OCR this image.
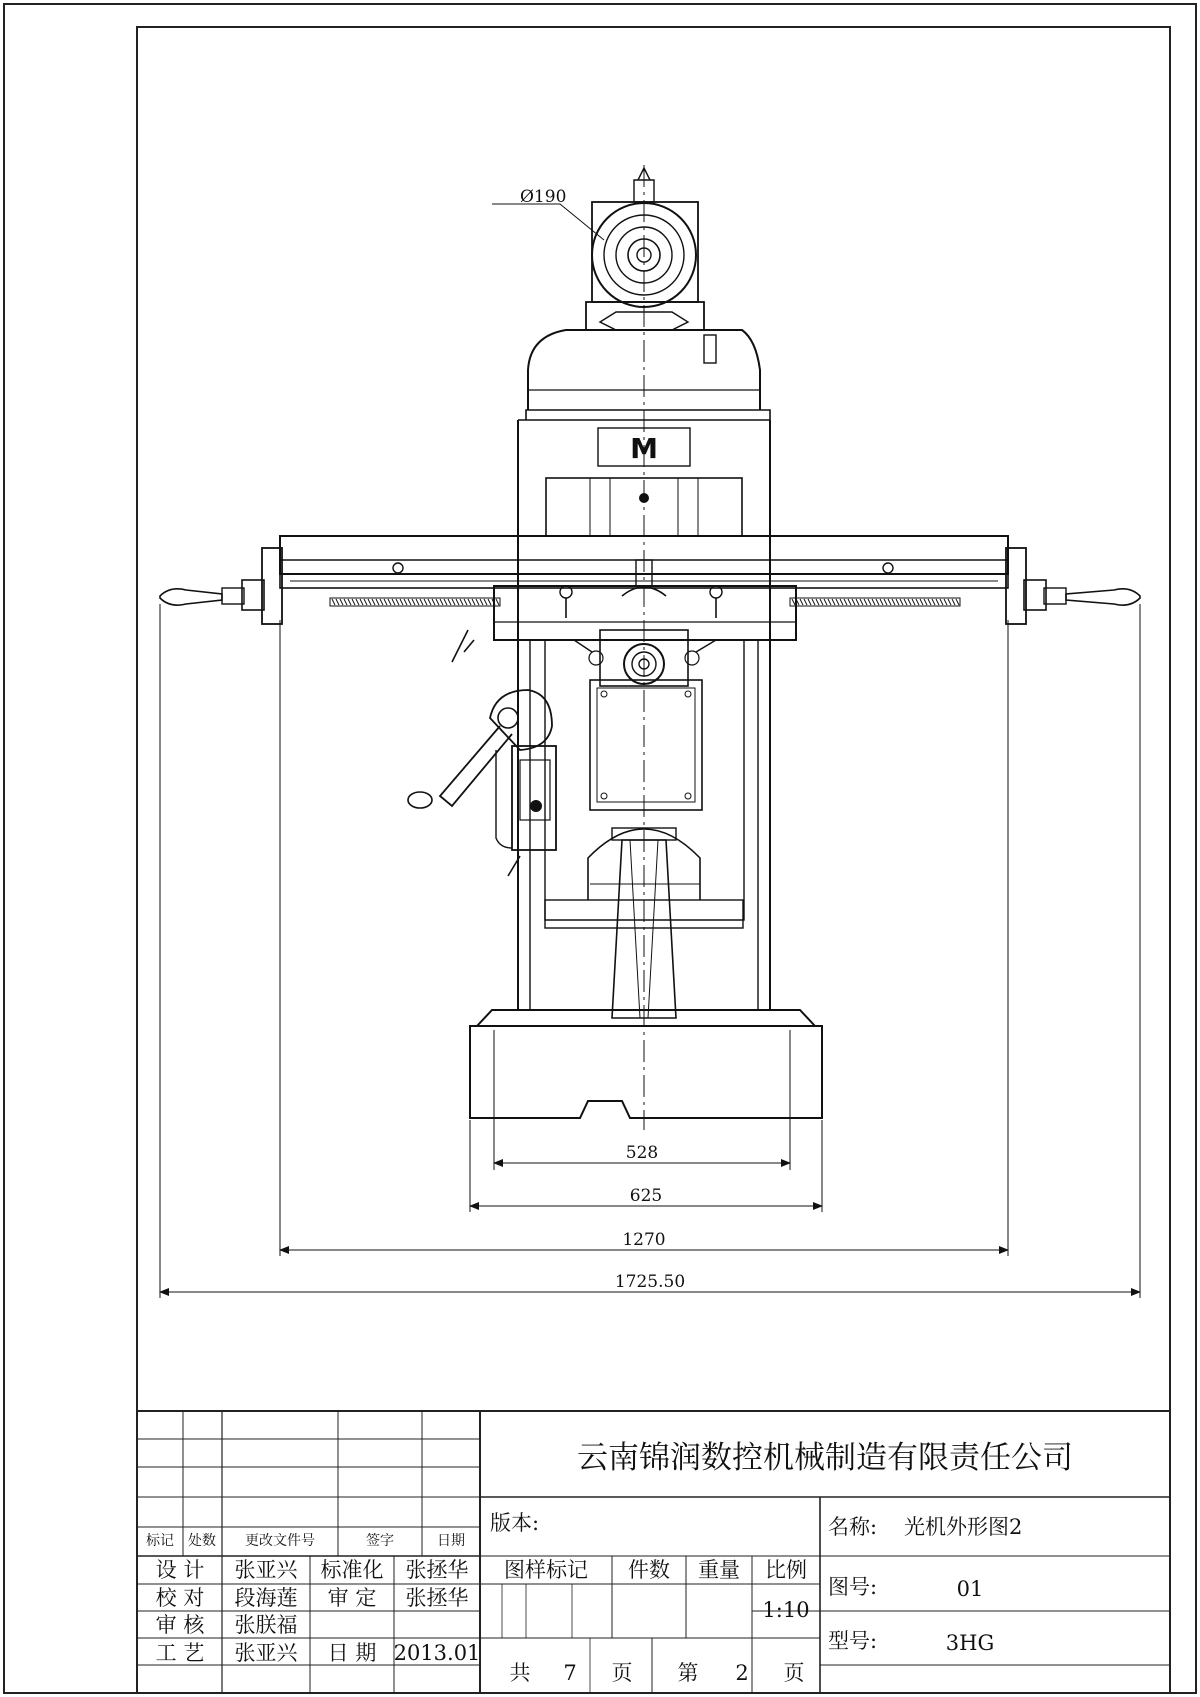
M
Ø190
528
625
1270
1725.50
云南锦润数控机械制造有限责任公司
标记 处数 更改文件号	签字	日期
设 计 张亚兴 标准化 张拯华
校 对 段海莲 审 定 张拯华
审 核 张朕福
工 艺 张亚兴 日 期 2013.01
版本:
图样标记 件数 重量 比例
1:10
共 7 页 第 2 页
名称: 光机外形图2
图号:	01
型号:	3HG
